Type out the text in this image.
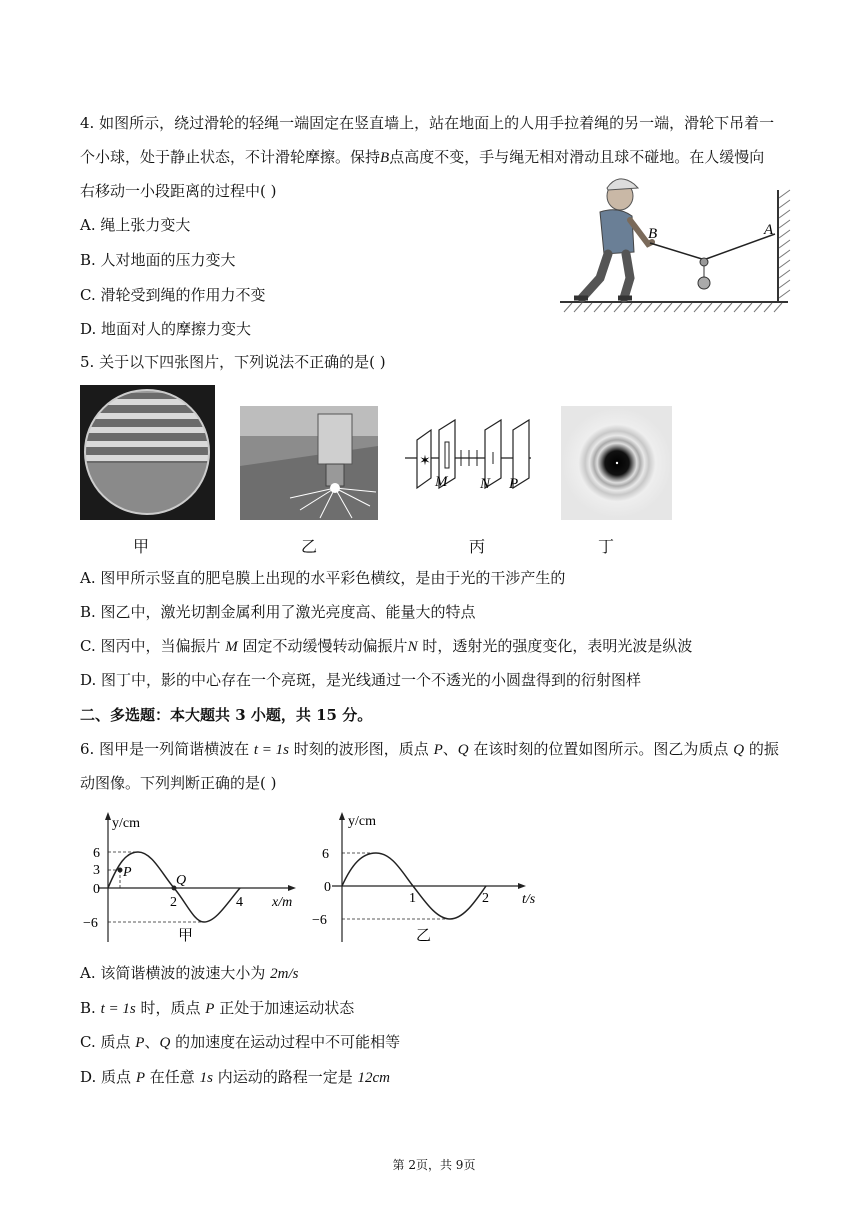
4. 如图所示，绕过滑轮的轻绳一端固定在竖直墙上，站在地面上的人用手拉着绳的另一端，滑轮下吊着一
个小球，处于静止状态，不计滑轮摩擦。保持B点高度不变，手与绳无相对滑动且球不碰地。在人缓慢向
右移动一小段距离的过程中( )
A. 绳上张力变大
B. 人对地面的压力变大
C. 滑轮受到绳的作用力不变
D. 地面对人的摩擦力变大
B	A
5. 关于以下四张图片，下列说法不正确的是( )
✶
M N P
甲	乙	丙	丁
A. 图甲所示竖直的肥皂膜上出现的水平彩色横纹，是由于光的干涉产生的
B. 图乙中，激光切割金属利用了激光亮度高、能量大的特点
C. 图丙中，当偏振片 M 固定不动缓慢转动偏振片N 时，透射光的强度变化，表明光波是纵波
D. 图丁中，影的中心存在一个亮斑，是光线通过一个不透光的小圆盘得到的衍射图样
二、多选题：本大题共 3 小题，共 15 分。
6. 图甲是一列简谐横波在 t = 1s 时刻的波形图，质点 P、Q 在该时刻的位置如图所示。图乙为质点 Q 的振
动图像。下列判断正确的是( )
y/cm
x/m
P
Q
6
3
0
−6
2	4
甲
y/cm
t/s
6
0
−6
1	2
乙
A. 该简谐横波的波速大小为 2m/s
B. t = 1s 时，质点 P 正处于加速运动状态
C. 质点 P、Q 的加速度在运动过程中不可能相等
D. 质点 P 在任意 1s 内运动的路程一定是 12cm
第 2页，共 9页
